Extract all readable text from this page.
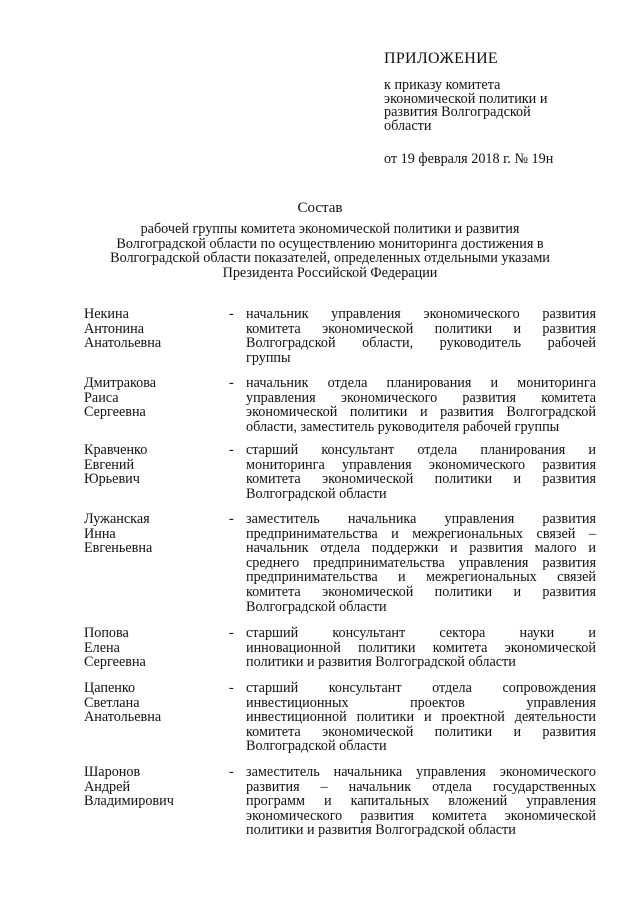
ПРИЛОЖЕНИЕ
к приказу комитета
экономической политики и
развития Волгоградской
области
от 19 февраля 2018 г. № 19н
Состав
рабочей группы комитета экономической политики и развития
Волгоградской области по осуществлению мониторинга достижения в
Волгоградской области показателей, определенных отдельными указами
Президента Российской Федерации
Некина
Антонина
Анатольевна
- начальник управления экономического развития
комитета экономической политики и развития
Волгоградской области, руководитель рабочей
группы
Дмитракова
Раиса
Сергеевна
- начальник отдела планирования и мониторинга
управления экономического развития комитета
экономической политики и развития Волгоградской
области, заместитель руководителя рабочей группы
Кравченко
Евгений
Юрьевич
- старший консультант отдела планирования и
мониторинга управления экономического развития
комитета экономической политики и развития
Волгоградской области
Лужанская
Инна
Евгеньевна
- заместитель начальника управления развития
предпринимательства и межрегиональных связей –
начальник отдела поддержки и развития малого и
среднего предпринимательства управления развития
предпринимательства и межрегиональных связей
комитета экономической политики и развития
Волгоградской области
Попова
Елена
Сергеевна
- старший консультант сектора науки и
инновационной политики комитета экономической
политики и развития Волгоградской области
Цапенко
Светлана
Анатольевна
- старший консультант отдела сопровождения
инвестиционных проектов управления
инвестиционной политики и проектной деятельности
комитета экономической политики и развития
Волгоградской области
Шаронов
Андрей
Владимирович
- заместитель начальника управления экономического
развития – начальник отдела государственных
программ и капитальных вложений управления
экономического развития комитета экономической
политики и развития Волгоградской области
